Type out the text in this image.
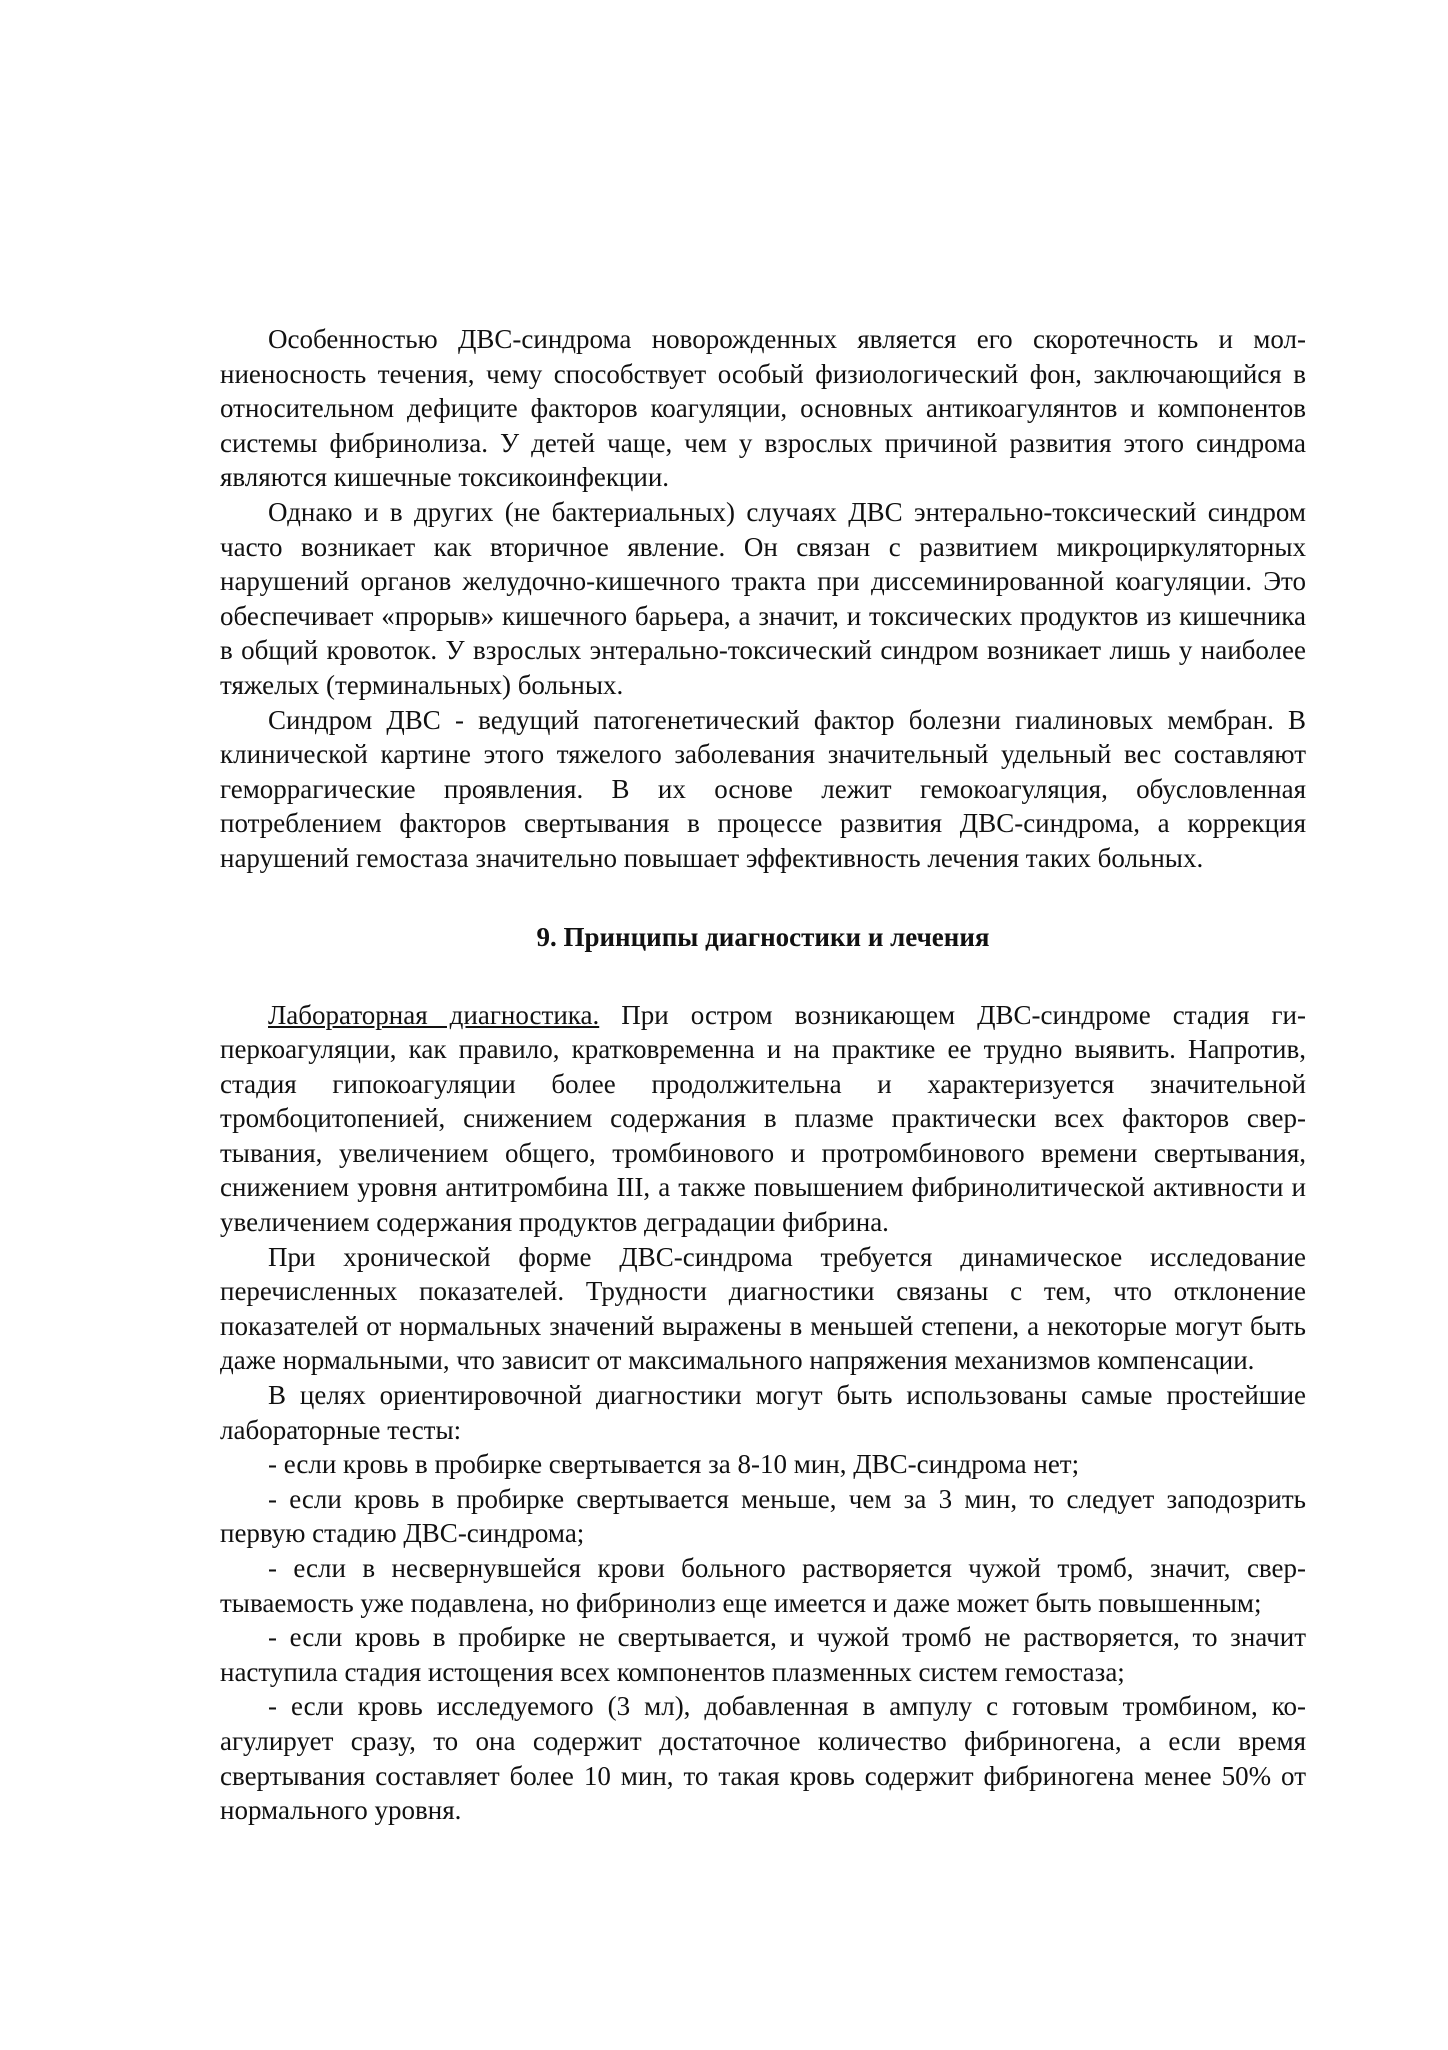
Особенностью ДВС-синдрома новорожденных является его скоротечность и молниеносность течения, чему способствует особый физиологический фон, заключающийся в относительном дефиците факторов коагуляции, основных антикоагулянтов и компонентов системы фибринолиза. У детей чаще, чем у взрослых причиной развития этого синдрома являются кишечные токсикоинфекции.

Однако и в других (не бактериальных) случаях ДВС энтерально-токсический синдром часто возникает как вторичное явление. Он связан с развитием микроциркуляторных нарушений органов желудочно-кишечного тракта при диссеминированной коагуляции. Это обеспечивает «прорыв» кишечного барьера, а значит, и токсических продуктов из кишечника в общий кровоток. У взрослых энтерально-токсический синдром возникает лишь у наиболее тяжелых (терминальных) больных.

Синдром ДВС - ведущий патогенетический фактор болезни гиалиновых мембран. В клинической картине этого тяжелого заболевания значительный удельный вес составляют геморрагические проявления. В их основе лежит гемокоагуляция, обусловленная потреблением факторов свертывания в процессе развития ДВС-синдрома, а коррекция нарушений гемостаза значительно повышает эффективность лечения таких больных.

9. Принципы диагностики и лечения

Лабораторная диагностика. При остром возникающем ДВС-синдроме стадия гиперкоагуляции, как правило, кратковременна и на практике ее трудно выявить. Напротив, стадия гипокоагуляции более продолжительна и характеризуется значительной тромбоцитопенией, снижением содержания в плазме практически всех факторов свертывания, увеличением общего, тромбинового и протромбинового времени свертывания, снижением уровня антитромбина III, а также повышением фибринолитической активности и увеличением содержания продуктов деградации фибрина.

При хронической форме ДВС-синдрома требуется динамическое исследование перечисленных показателей. Трудности диагностики связаны с тем, что отклонение показателей от нормальных значений выражены в меньшей степени, а некоторые могут быть даже нормальными, что зависит от максимального напряжения механизмов компенсации.

В целях ориентировочной диагностики могут быть использованы самые простейшие лабораторные тесты:

- если кровь в пробирке свертывается за 8-10 мин, ДВС-синдрома нет;

- если кровь в пробирке свертывается меньше, чем за 3 мин, то следует заподозрить первую стадию ДВС-синдрома;

- если в несвернувшейся крови больного растворяется чужой тромб, значит, свертываемость уже подавлена, но фибринолиз еще имеется и даже может быть повышенным;

- если кровь в пробирке не свертывается, и чужой тромб не растворяется, то значит наступила стадия истощения всех компонентов плазменных систем гемостаза;

- если кровь исследуемого (3 мл), добавленная в ампулу с готовым тромбином, коагулирует сразу, то она содержит достаточное количество фибриногена, а если время свертывания составляет более 10 мин, то такая кровь содержит фибриногена менее 50% от нормального уровня.
